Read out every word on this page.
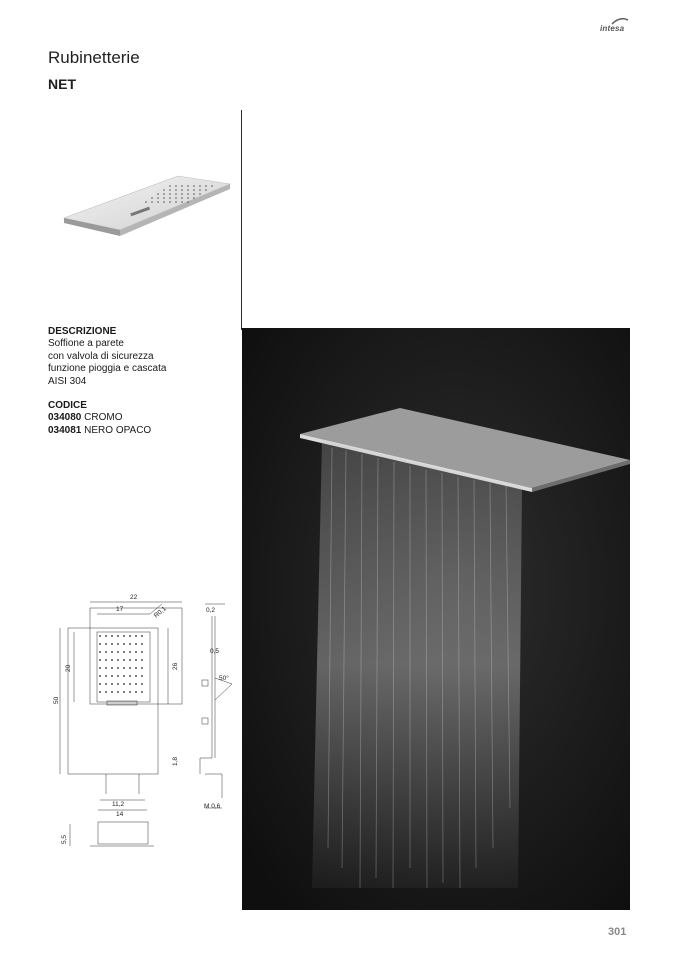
intesa
Rubinetterie
NET
DESCRIZIONE
Soffione a parete
con valvola di sicurezza
funzione pioggia e cascata
AISI 304
CODICE
034080 CROMO
034081 NERO OPACO
22
17	R0,1
20	26
50
11,2
14
0,2
0,5
50°
1,8
M 0,6
5,5
301
